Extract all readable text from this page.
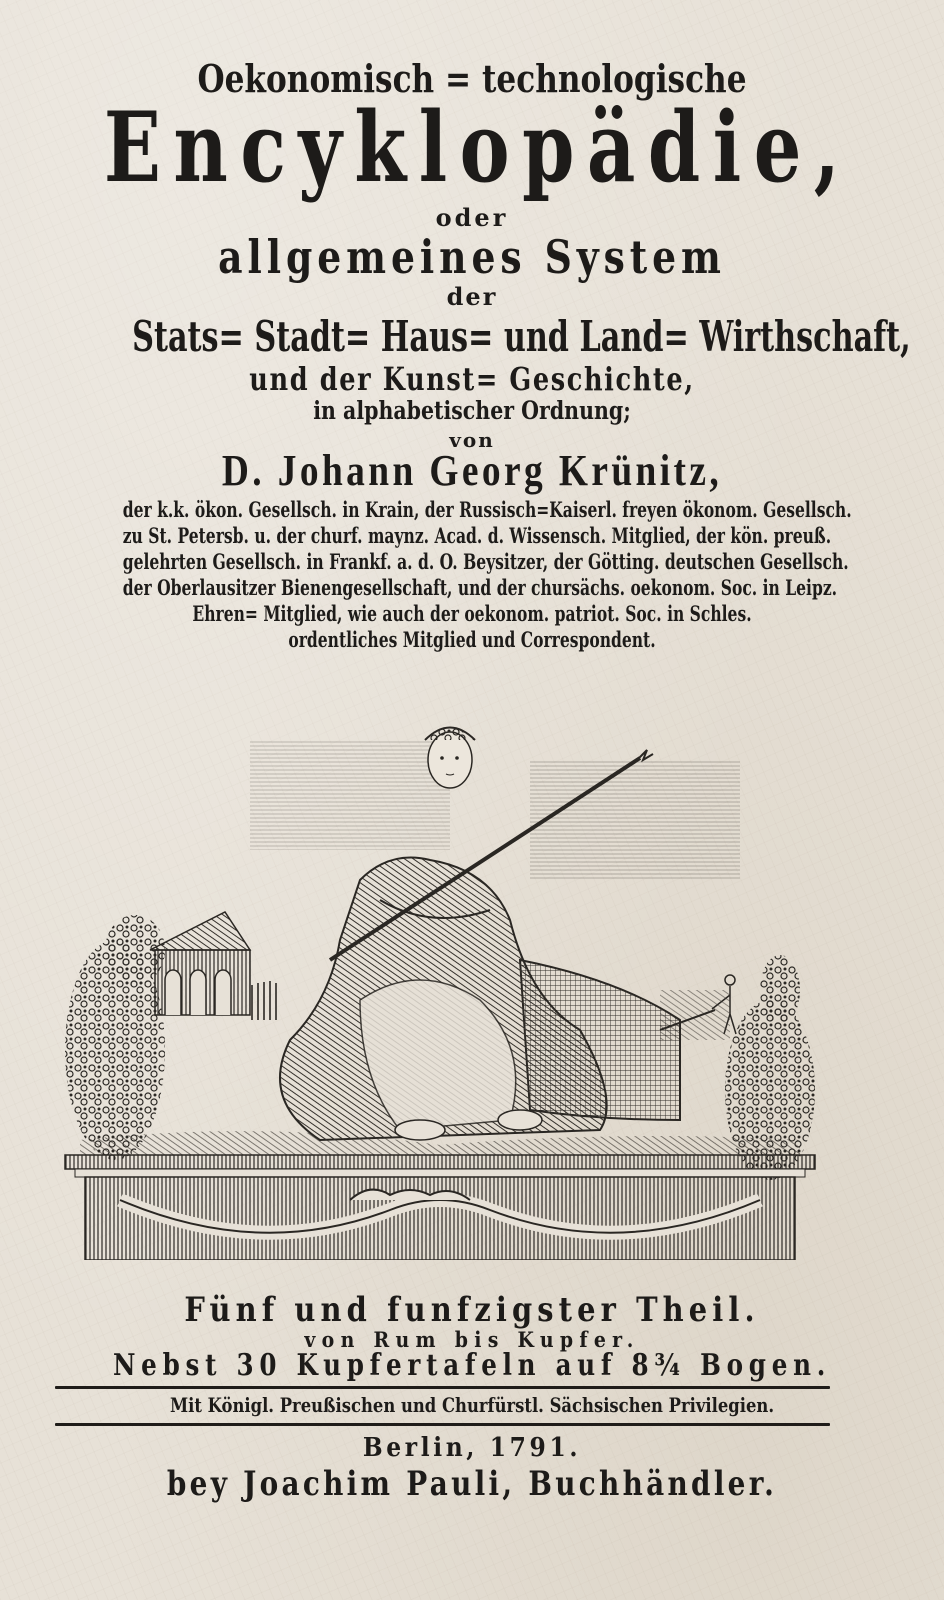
Oekonomisch = technologische
Encyklopädie,
oder
allgemeines System
der
Stats= Stadt= Haus= und Land= Wirthschaft,
und der Kunst= Geschichte,
in alphabetischer Ordnung;
von
D. Johann Georg Krünitz,
der k.k. ökon. Gesellsch. in Krain, der Russisch=Kaiserl. freyen ökonom. Gesellsch.
zu St. Petersb. u. der churf. maynz. Acad. d. Wissensch. Mitglied, der kön. preuß.
gelehrten Gesellsch. in Frankf. a. d. O. Beysitzer, der Götting. deutschen Gesellsch.
der Oberlausitzer Bienengesellschaft, und der chursächs. oekonom. Soc. in Leipz.
Ehren= Mitglied, wie auch der oekonom. patriot. Soc. in Schles.
ordentliches Mitglied und Correspondent.
Fünf und funfzigster Theil.
von Rum bis Kupfer.
Nebst 30 Kupfertafeln auf 8¾ Bogen.
Mit Königl. Preußischen und Churfürstl. Sächsischen Privilegien.
Berlin, 1791.
bey Joachim Pauli, Buchhändler.
